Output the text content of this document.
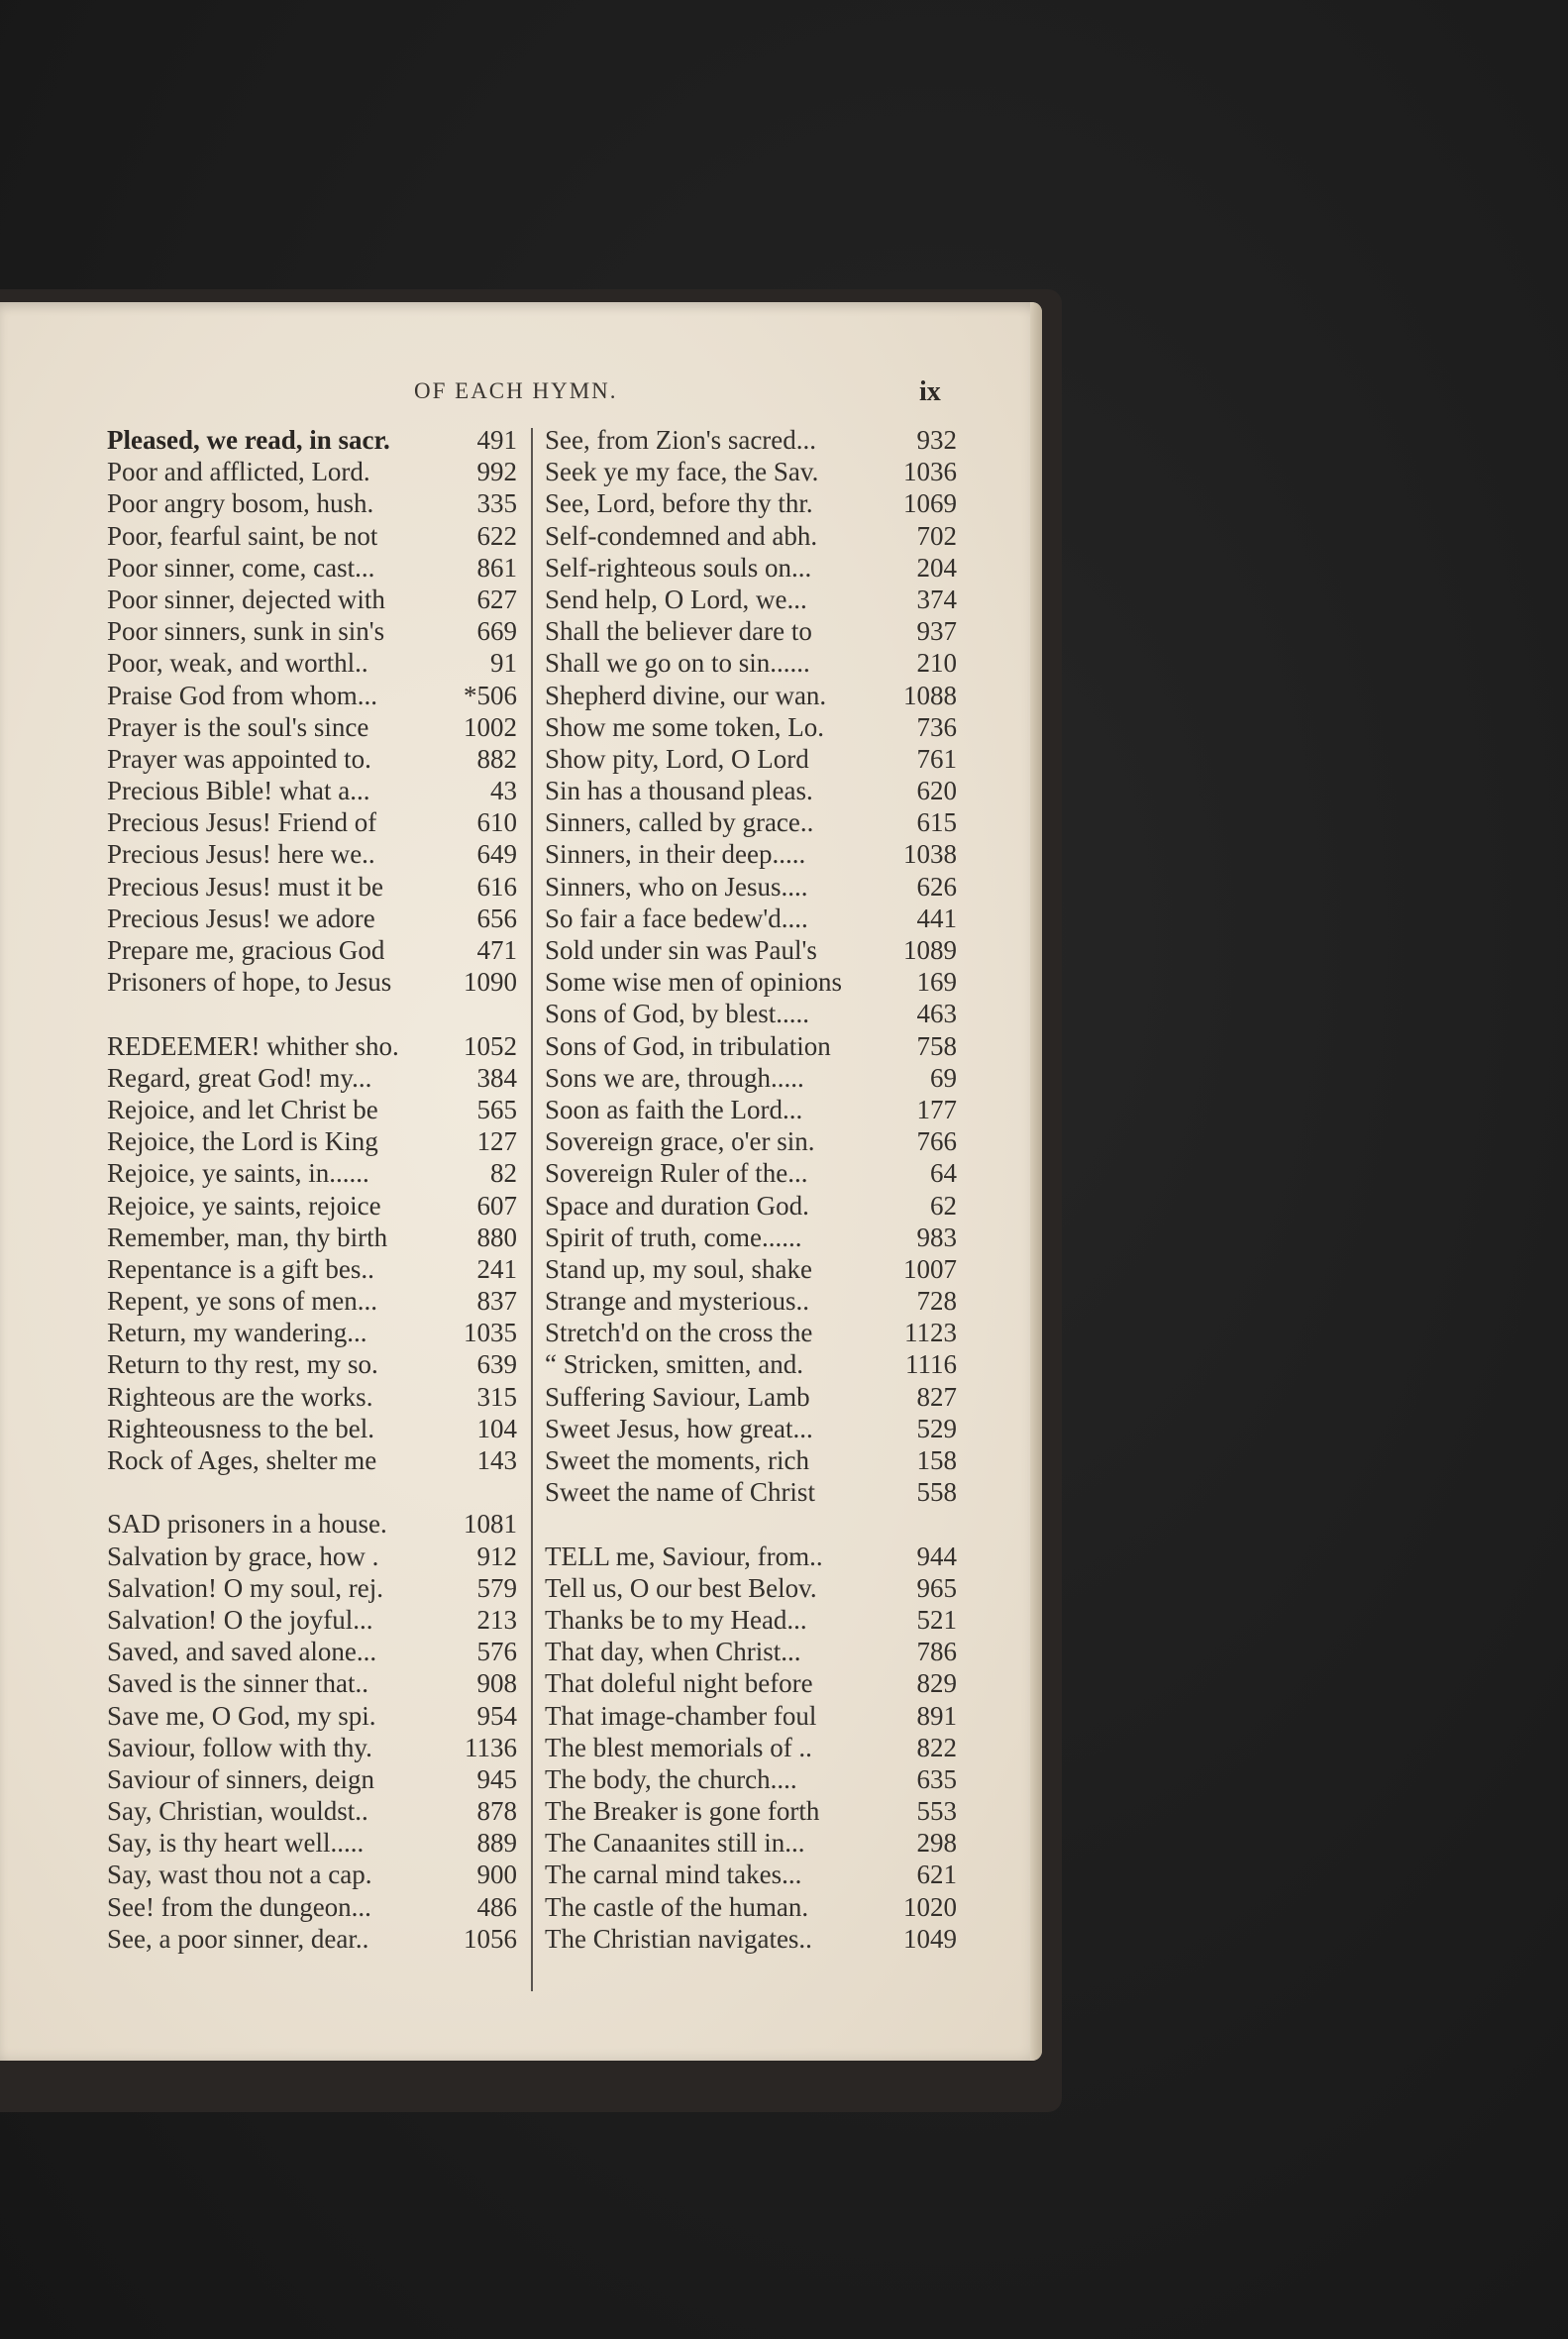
OF EACH HYMN.	ix
Pleased, we read, in sacr.	491
Poor and afflicted, Lord.	992
Poor angry bosom, hush.	335
Poor, fearful saint, be not	622
Poor sinner, come, cast...	861
Poor sinner, dejected with	627
Poor sinners, sunk in sin's	669
Poor, weak, and worthl..	91
Praise God from whom...	*506
Prayer is the soul's since	1002
Prayer was appointed to.	882
Precious Bible! what a...	43
Precious Jesus! Friend of	610
Precious Jesus! here we..	649
Precious Jesus! must it be	616
Precious Jesus! we adore	656
Prepare me, gracious God	471
Prisoners of hope, to Jesus	1090
REDEEMER! whither sho. 1052
Regard, great God! my...	384
Rejoice, and let Christ be	565
Rejoice, the Lord is King	127
Rejoice, ye saints, in......	82
Rejoice, ye saints, rejoice	607
Remember, man, thy birth	880
Repentance is a gift bes..	241
Repent, ye sons of men...	837
Return, my wandering...	1035
Return to thy rest, my so.	639
Righteous are the works.	315
Righteousness to the bel.	104
Rock of Ages, shelter me	143
SAD prisoners in a house.	1081
Salvation by grace, how .	912
Salvation! O my soul, rej.	579
Salvation! O the joyful...	213
Saved, and saved alone...	576
Saved is the sinner that..	908
Save me, O God, my spi.	954
Saviour, follow with thy.	1136
Saviour of sinners, deign	945
Say, Christian, wouldst..	878
Say, is thy heart well.....	889
Say, wast thou not a cap.	900
See! from the dungeon...	486
See, a poor sinner, dear..	1056
See, from Zion's sacred...	932
Seek ye my face, the Sav.	1036
See, Lord, before thy thr.	1069
Self-condemned and abh.	702
Self-righteous souls on...	204
Send help, O Lord, we...	374
Shall the believer dare to	937
Shall we go on to sin......	210
Shepherd divine, our wan.	1088
Show me some token, Lo.	736
Show pity, Lord, O Lord	761
Sin has a thousand pleas.	620
Sinners, called by grace..	615
Sinners, in their deep.....	1038
Sinners, who on Jesus....	626
So fair a face bedew'd....	441
Sold under sin was Paul's	1089
Some wise men of opinions	169
Sons of God, by blest.....	463
Sons of God, in tribulation	758
Sons we are, through.....	69
Soon as faith the Lord...	177
Sovereign grace, o'er sin.	766
Sovereign Ruler of the...	64
Space and duration God.	62
Spirit of truth, come......	983
Stand up, my soul, shake	1007
Strange and mysterious..	728
Stretch'd on the cross the	1123
“ Stricken, smitten, and.	1116
Suffering Saviour, Lamb	827
Sweet Jesus, how great...	529
Sweet the moments, rich	158
Sweet the name of Christ	558
TELL me, Saviour, from..	944
Tell us, O our best Belov.	965
Thanks be to my Head...	521
That day, when Christ...	786
That doleful night before	829
That image-chamber foul	891
The blest memorials of ..	822
The body, the church....	635
The Breaker is gone forth	553
The Canaanites still in...	298
The carnal mind takes...	621
The castle of the human.	1020
The Christian navigates..	1049
